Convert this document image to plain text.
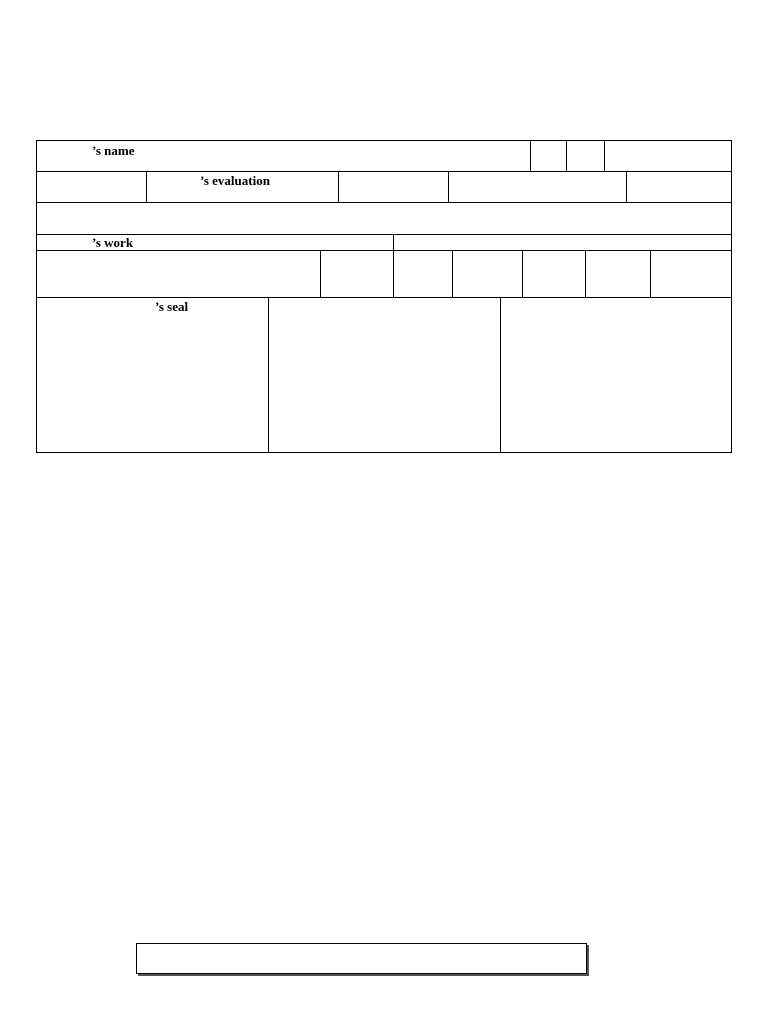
’s name
’s evaluation
’s work
’s seal
